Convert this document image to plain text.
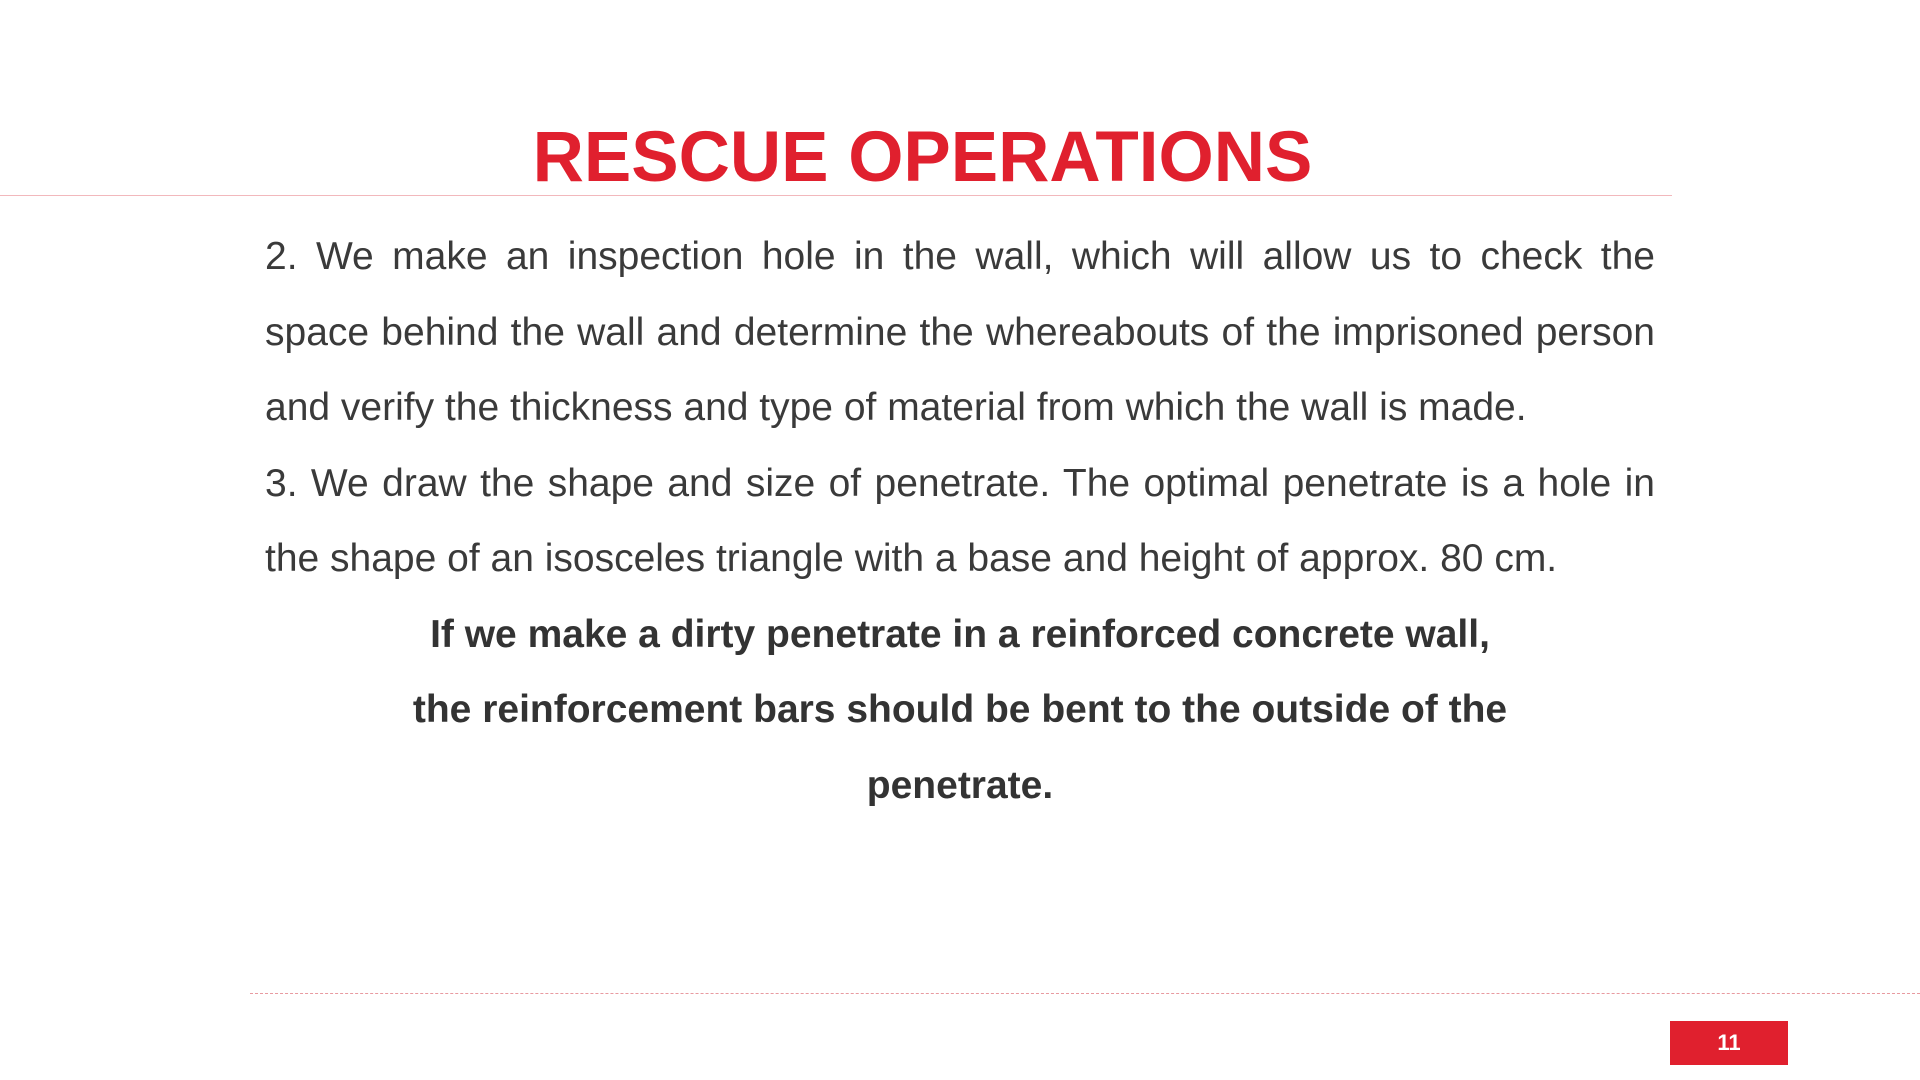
RESCUE OPERATIONS

2. We make an inspection hole in the wall, which will allow us to check the space behind the wall and determine the whereabouts of the imprisoned person and verify the thickness and type of material from which the wall is made.

3. We draw the shape and size of penetrate. The optimal penetrate is a hole in the shape of an isosceles triangle with a base and height of approx. 80 cm.

If we make a dirty penetrate in a reinforced concrete wall,

the reinforcement bars should be bent to the outside of the

penetrate.

11
